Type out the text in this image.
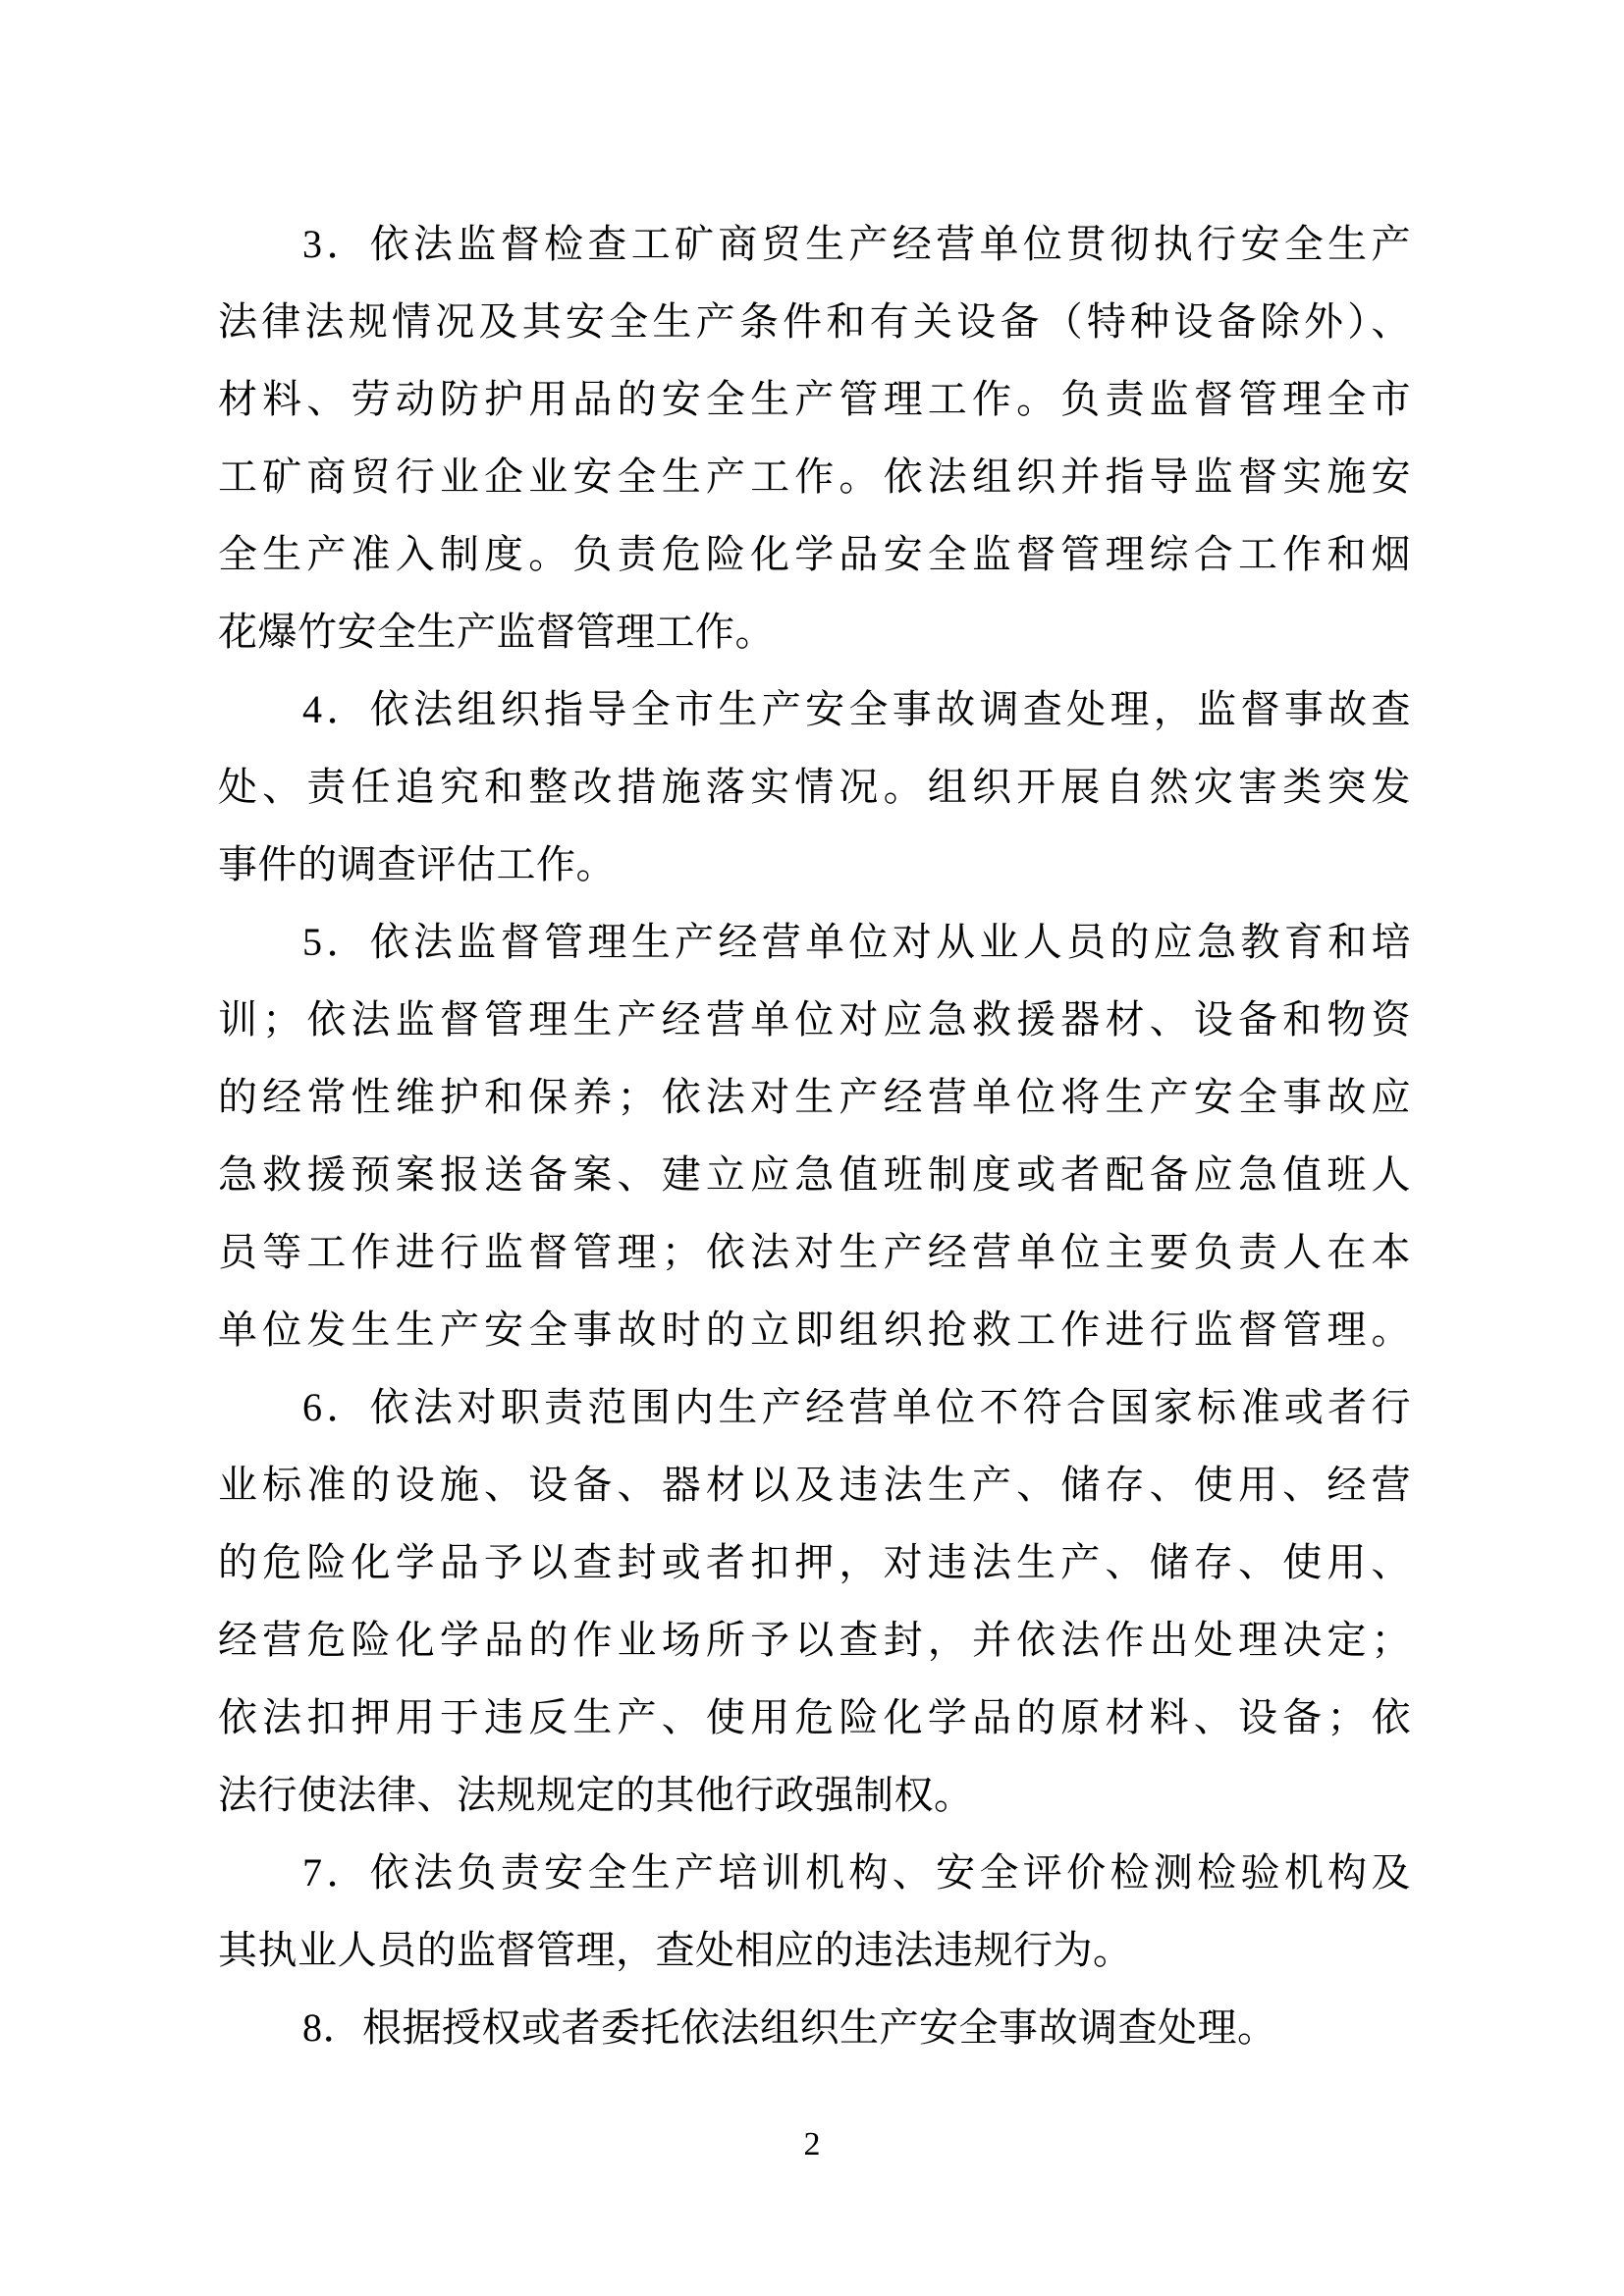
3．依法监督检查工矿商贸生产经营单位贯彻执行安全生产
法律法规情况及其安全生产条件和有关设备（特种设备除外）、
材料、劳动防护用品的安全生产管理工作。负责监督管理全市
工矿商贸行业企业安全生产工作。依法组织并指导监督实施安
全生产准入制度。负责危险化学品安全监督管理综合工作和烟
花爆竹安全生产监督管理工作。
4．依法组织指导全市生产安全事故调查处理，监督事故查
处、责任追究和整改措施落实情况。组织开展自然灾害类突发
事件的调查评估工作。
5．依法监督管理生产经营单位对从业人员的应急教育和培
训；依法监督管理生产经营单位对应急救援器材、设备和物资
的经常性维护和保养；依法对生产经营单位将生产安全事故应
急救援预案报送备案、建立应急值班制度或者配备应急值班人
员等工作进行监督管理；依法对生产经营单位主要负责人在本
单位发生生产安全事故时的立即组织抢救工作进行监督管理。
6．依法对职责范围内生产经营单位不符合国家标准或者行
业标准的设施、设备、器材以及违法生产、储存、使用、经营
的危险化学品予以查封或者扣押，对违法生产、储存、使用、
经营危险化学品的作业场所予以查封，并依法作出处理决定；
依法扣押用于违反生产、使用危险化学品的原材料、设备；依
法行使法律、法规规定的其他行政强制权。
7．依法负责安全生产培训机构、安全评价检测检验机构及
其执业人员的监督管理，查处相应的违法违规行为。
8．根据授权或者委托依法组织生产安全事故调查处理。
2
